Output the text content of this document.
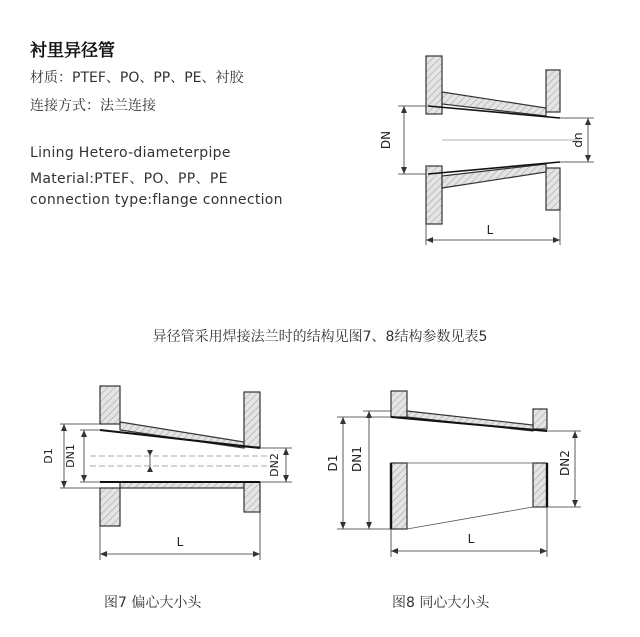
衬里异径管
材质：PTEF、PO、PP、PE、衬胶
连接方式：法兰连接
Lining Hetero-diameterpipe
Material:PTEF、PO、PP、PE
connection type:flange connection
DN	dn
L
异径管采用焊接法兰时的结构见图7、8结构参数见表5
D1 DN1	DN2
L
图7 偏心大小头
D1 DN1	DN2
L
图8 同心大小头
